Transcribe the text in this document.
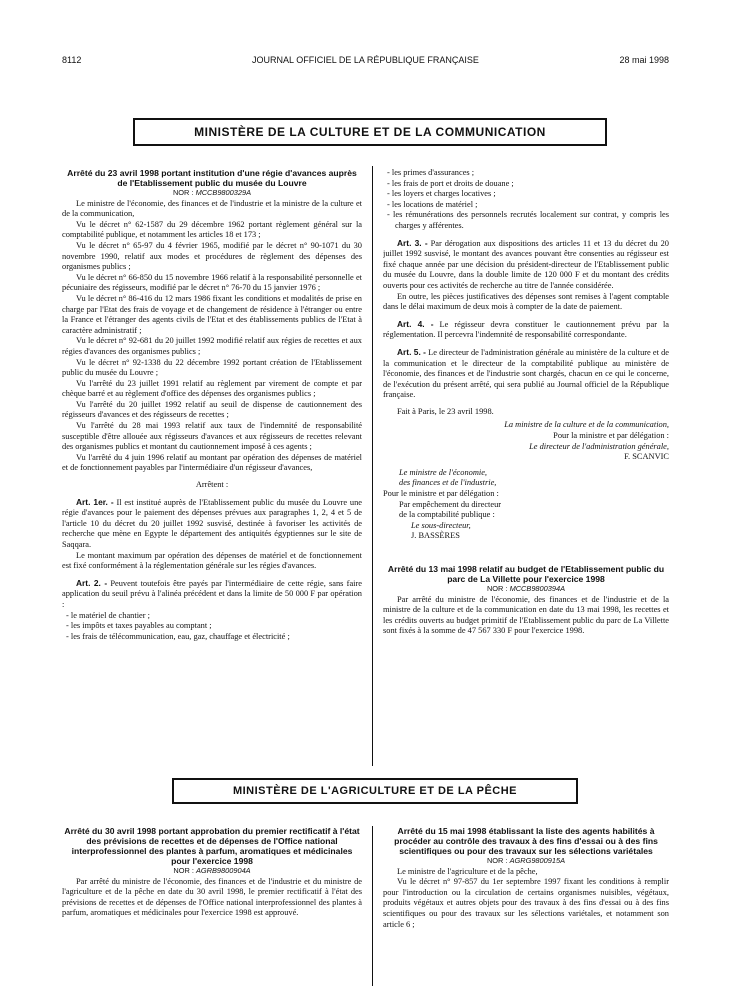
8112	JOURNAL OFFICIEL DE LA RÉPUBLIQUE FRANÇAISE	28 mai 1998
MINISTÈRE DE LA CULTURE ET DE LA COMMUNICATION

Arrêté du 23 avril 1998 portant institution d'une régie d'avances auprès de l'Etablissement public du musée du Louvre

NOR : MCCB9800329A

Le ministre de l'économie, des finances et de l'industrie et la ministre de la culture et de la communication,

Vu le décret n° 62-1587 du 29 décembre 1962 portant règlement général sur la comptabilité publique, et notamment les articles 18 et 173 ;

Vu le décret n° 65-97 du 4 février 1965, modifié par le décret n° 90-1071 du 30 novembre 1990, relatif aux modes et procédures de règlement des dépenses des organismes publics ;

Vu le décret n° 66-850 du 15 novembre 1966 relatif à la responsabilité personnelle et pécuniaire des régisseurs, modifié par le décret n° 76-70 du 15 janvier 1976 ;

Vu le décret n° 86-416 du 12 mars 1986 fixant les conditions et modalités de prise en charge par l'Etat des frais de voyage et de changement de résidence à l'étranger ou entre la France et l'étranger des agents civils de l'Etat et des établissements publics de l'Etat à caractère administratif ;

Vu le décret n° 92-681 du 20 juillet 1992 modifié relatif aux régies de recettes et aux régies d'avances des organismes publics ;

Vu le décret n° 92-1338 du 22 décembre 1992 portant création de l'Etablissement public du musée du Louvre ;

Vu l'arrêté du 23 juillet 1991 relatif au règlement par virement de compte et par chèque barré et au règlement d'office des dépenses des organismes publics ;

Vu l'arrêté du 20 juillet 1992 relatif au seuil de dispense de cautionnement des régisseurs d'avances et des régisseurs de recettes ;

Vu l'arrêté du 28 mai 1993 relatif aux taux de l'indemnité de responsabilité susceptible d'être allouée aux régisseurs d'avances et aux régisseurs de recettes relevant des organismes publics et montant du cautionnement imposé à ces agents ;

Vu l'arrêté du 4 juin 1996 relatif au montant par opération des dépenses de matériel et de fonctionnement payables par l'intermédiaire d'un régisseur d'avances,

Arrêtent :

Art. 1er. - Il est institué auprès de l'Etablissement public du musée du Louvre une régie d'avances pour le paiement des dépenses prévues aux paragraphes 1, 2, 4 et 5 de l'article 10 du décret du 20 juillet 1992 susvisé, destinée à favoriser les activités de recherche que mène en Egypte le département des antiquités égyptiennes sur le site de Saqqara.

Le montant maximum par opération des dépenses de matériel et de fonctionnement est fixé conformément à la réglementation générale sur les régies d'avances.

Art. 2. - Peuvent toutefois être payés par l'intermédiaire de cette régie, sans faire application du seuil prévu à l'alinéa précédent et dans la limite de 50 000 F par opération :

- le matériel de chantier ;

- les impôts et taxes payables au comptant ;

- les frais de télécommunication, eau, gaz, chauffage et électricité ;

- les primes d'assurances ;

- les frais de port et droits de douane ;

- les loyers et charges locatives ;

- les locations de matériel ;

- les rémunérations des personnels recrutés localement sur contrat, y compris les charges y afférentes.

Art. 3. - Par dérogation aux dispositions des articles 11 et 13 du décret du 20 juillet 1992 susvisé, le montant des avances pouvant être consenties au régisseur est fixé chaque année par une décision du président-directeur de l'Etablissement public du musée du Louvre, dans la double limite de 120 000 F et du montant des crédits ouverts pour ces activités de recherche au titre de l'année considérée.

En outre, les pièces justificatives des dépenses sont remises à l'agent comptable dans le délai maximum de deux mois à compter de la date de paiement.

Art. 4. - Le régisseur devra constituer le cautionnement prévu par la réglementation. Il percevra l'indemnité de responsabilité correspondante.

Art. 5. - Le directeur de l'administration générale au ministère de la culture et de la communication et le directeur de la comptabilité publique au ministère de l'économie, des finances et de l'industrie sont chargés, chacun en ce qui le concerne, de l'exécution du présent arrêté, qui sera publié au Journal officiel de la République française.

Fait à Paris, le 23 avril 1998.

La ministre de la culture et de la communication,

Pour la ministre et par délégation :

Le directeur de l'administration générale,

F. SCANVIC

Le ministre de l'économie,

des finances et de l'industrie,

Pour le ministre et par délégation :

Par empêchement du directeur

de la comptabilité publique :

Le sous-directeur,

J. BASSÈRES

Arrêté du 13 mai 1998 relatif au budget de l'Etablissement public du parc de La Villette pour l'exercice 1998

NOR : MCCB9800394A

Par arrêté du ministre de l'économie, des finances et de l'industrie et de la ministre de la culture et de la communication en date du 13 mai 1998, les recettes et les crédits ouverts au budget primitif de l'Etablissement public du parc de La Villette sont fixés à la somme de 47 567 330 F pour l'exercice 1998.

MINISTÈRE DE L'AGRICULTURE ET DE LA PÊCHE

Arrêté du 30 avril 1998 portant approbation du premier rectificatif à l'état des prévisions de recettes et de dépenses de l'Office national interprofessionnel des plantes à parfum, aromatiques et médicinales pour l'exercice 1998

NOR : AGRB9800904A

Par arrêté du ministre de l'économie, des finances et de l'industrie et du ministre de l'agriculture et de la pêche en date du 30 avril 1998, le premier rectificatif à l'état des prévisions de recettes et de dépenses de l'Office national interprofessionnel des plantes à parfum, aromatiques et médicinales pour l'exercice 1998 est approuvé.

Arrêté du 15 mai 1998 établissant la liste des agents habilités à procéder au contrôle des travaux à des fins d'essai ou à des fins scientifiques ou pour des travaux sur les sélections variétales

NOR : AGRG9800915A

Le ministre de l'agriculture et de la pêche,

Vu le décret n° 97-857 du 1er septembre 1997 fixant les conditions à remplir pour l'introduction ou la circulation de certains organismes nuisibles, végétaux, produits végétaux et autres objets pour des travaux à des fins d'essai ou à des fins scientifiques ou pour des travaux sur les sélections variétales, et notamment son article 6 ;
